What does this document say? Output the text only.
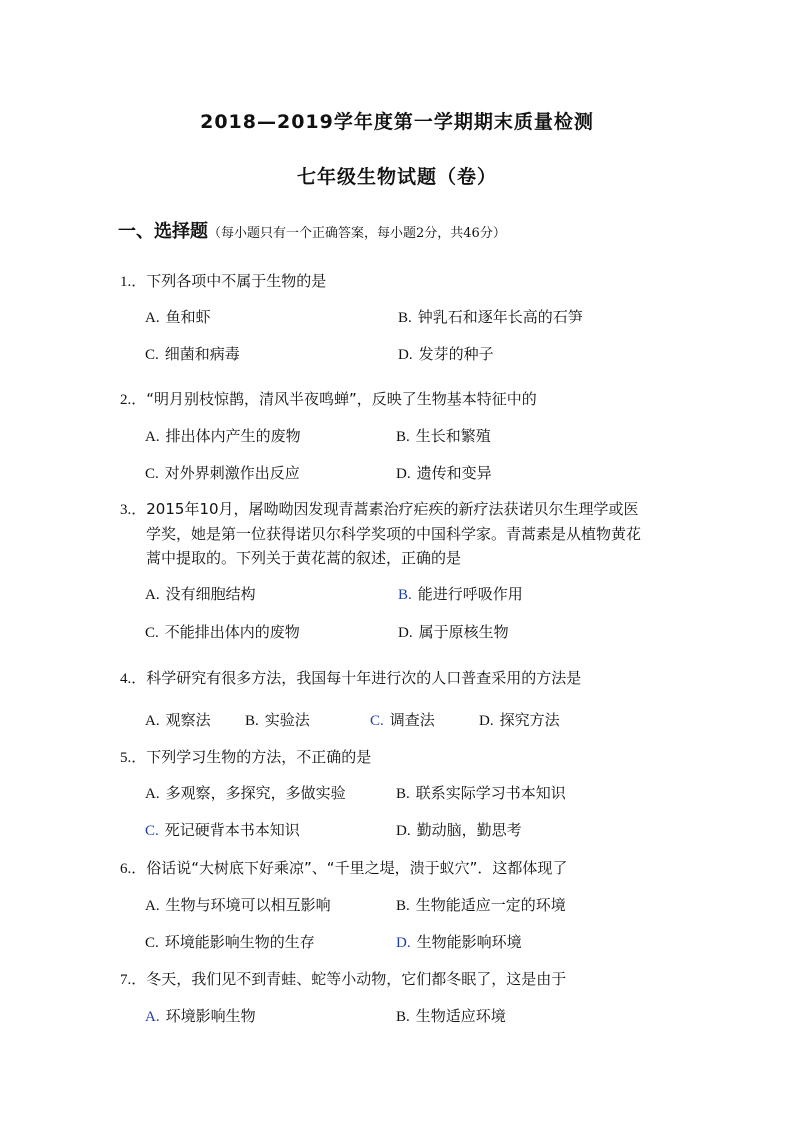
2018—2019学年度第一学期期末质量检测
七年级生物试题（卷）
一、选择题（每小题只有一个正确答案，每小题2分，共46分）
1.．下列各项中不属于生物的是
A. 鱼和虾	B. 钟乳石和逐年长高的石笋
C. 细菌和病毒	D. 发芽的种子
2.．“明月别枝惊鹊，清风半夜鸣蝉”，反映了生物基本特征中的
A. 排出体内产生的废物	B. 生长和繁殖
C. 对外界刺激作出反应	D. 遗传和变异
3.．2015年10月，屠呦呦因发现青蒿素治疗疟疾的新疗法获诺贝尔生理学或医
学奖，她是第一位获得诺贝尔科学奖项的中国科学家。青蒿素是从植物黄花
蒿中提取的。下列关于黄花蒿的叙述，正确的是
A. 没有细胞结构	B. 能进行呼吸作用
C. 不能排出体内的废物	D. 属于原核生物
4.．科学研究有很多方法，我国每十年进行次的人口普查采用的方法是
A. 观察法 B. 实验法	C. 调查法	D. 探究方法
5.．下列学习生物的方法，不正确的是
A. 多观察，多探究，多做实验	B. 联系实际学习书本知识
C. 死记硬背本书本知识	D. 勤动脑，勤思考
6.．俗话说“大树底下好乘凉”、“千里之堤，溃于蚁穴”．这都体现了
A. 生物与环境可以相互影响	B. 生物能适应一定的环境
C. 环境能影响生物的生存	D. 生物能影响环境
7.．冬天，我们见不到青蛙、蛇等小动物，它们都冬眠了，这是由于
A. 环境影响生物	B. 生物适应环境
